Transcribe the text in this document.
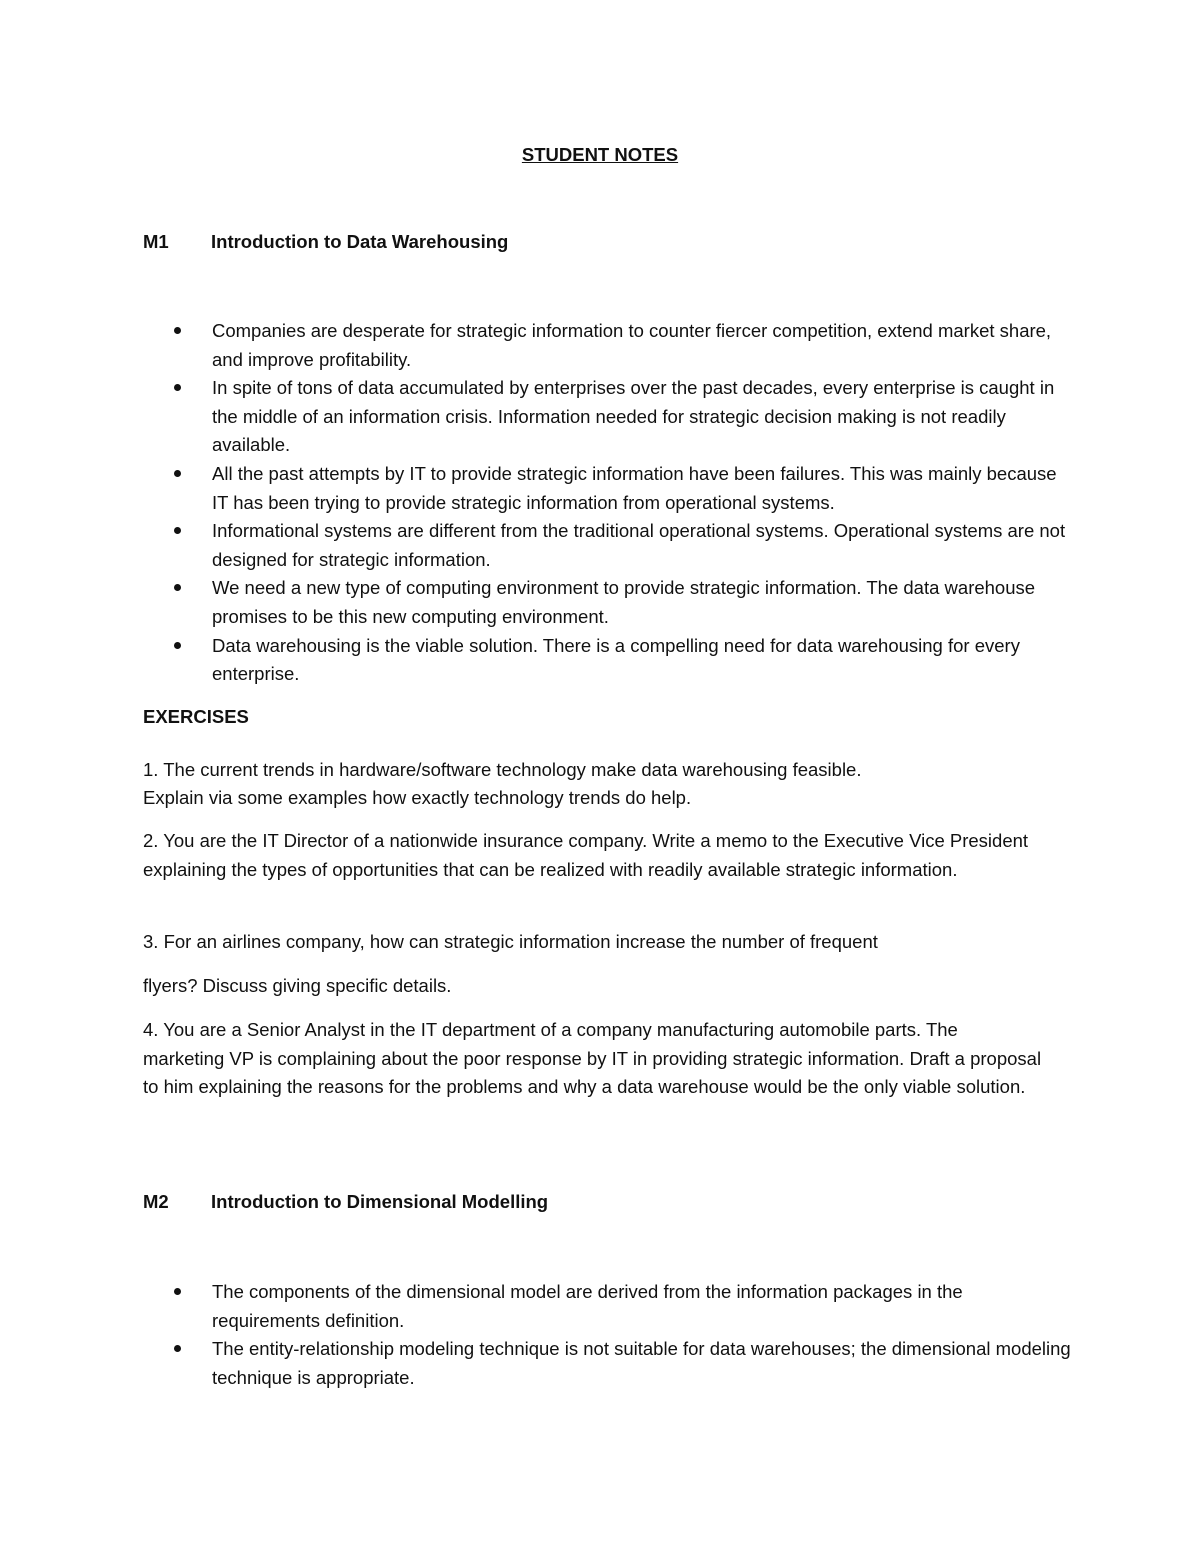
STUDENT NOTES
M1 Introduction to Data Warehousing
Companies are desperate for strategic information to counter fiercer competition, extend market share, and improve profitability.
In spite of tons of data accumulated by enterprises over the past decades, every enterprise is caught in the middle of an information crisis. Information needed for strategic decision making is not readily available.
All the past attempts by IT to provide strategic information have been failures. This was mainly because IT has been trying to provide strategic information from operational systems.
Informational systems are different from the traditional operational systems. Operational systems are not designed for strategic information.
We need a new type of computing environment to provide strategic information. The data warehouse promises to be this new computing environment.
Data warehousing is the viable solution. There is a compelling need for data warehousing for every enterprise.
EXERCISES

1. The current trends in hardware/software technology make data warehousing feasible.

Explain via some examples how exactly technology trends do help.

2. You are the IT Director of a nationwide insurance company. Write a memo to the Executive Vice President explaining the types of opportunities that can be realized with readily available strategic information.

3. For an airlines company, how can strategic information increase the number of frequent

flyers? Discuss giving specific details.

4. You are a Senior Analyst in the IT department of a company manufacturing automobile parts. The marketing VP is complaining about the poor response by IT in providing strategic information. Draft a proposal to him explaining the reasons for the problems and why a data warehouse would be the only viable solution.

M2 Introduction to Dimensional Modelling
The components of the dimensional model are derived from the information packages in the requirements definition.
The entity-relationship modeling technique is not suitable for data warehouses; the dimensional modeling technique is appropriate.
